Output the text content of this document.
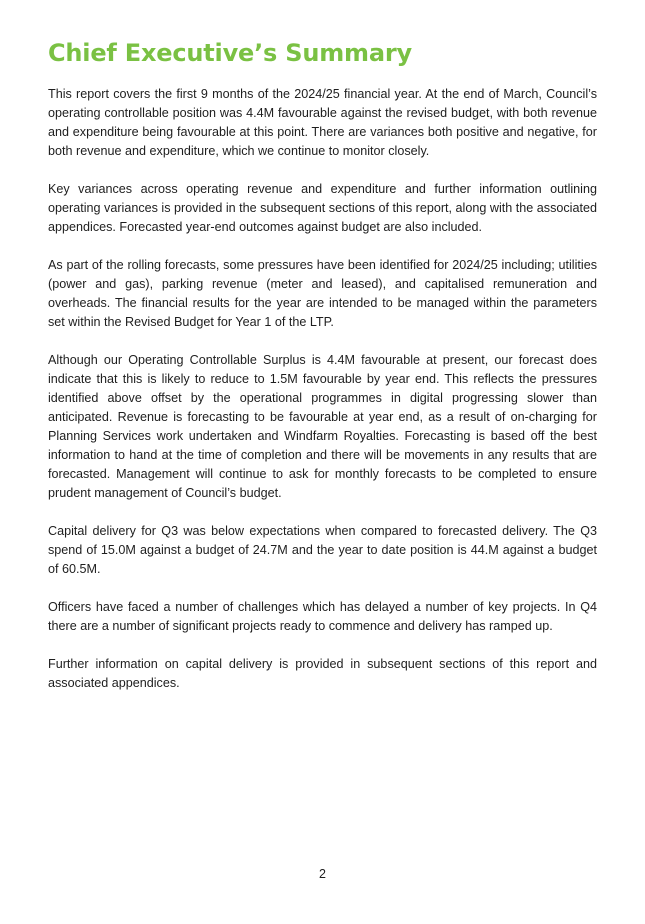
Chief Executive’s Summary

This report covers the first 9 months of the 2024/25 financial year. At the end of March, Council’s operating controllable position was 4.4M favourable against the revised budget, with both revenue and expenditure being favourable at this point. There are variances both positive and negative, for both revenue and expenditure, which we continue to monitor closely.

Key variances across operating revenue and expenditure and further information outlining operating variances is provided in the subsequent sections of this report, along with the associated appendices. Forecasted year-end outcomes against budget are also included.

As part of the rolling forecasts, some pressures have been identified for 2024/25 including; utilities (power and gas), parking revenue (meter and leased), and capitalised remuneration and overheads. The financial results for the year are intended to be managed within the parameters set within the Revised Budget for Year 1 of the LTP.

Although our Operating Controllable Surplus is 4.4M favourable at present, our forecast does indicate that this is likely to reduce to 1.5M favourable by year end. This reflects the pressures identified above offset by the operational programmes in digital progressing slower than anticipated. Revenue is forecasting to be favourable at year end, as a result of on-charging for Planning Services work undertaken and Windfarm Royalties. Forecasting is based off the best information to hand at the time of completion and there will be movements in any results that are forecasted. Management will continue to ask for monthly forecasts to be completed to ensure prudent management of Council’s budget.

Capital delivery for Q3 was below expectations when compared to forecasted delivery. The Q3 spend of 15.0M against a budget of 24.7M and the year to date position is 44.M against a budget of 60.5M.

Officers have faced a number of challenges which has delayed a number of key projects. In Q4 there are a number of significant projects ready to commence and delivery has ramped up.

Further information on capital delivery is provided in subsequent sections of this report and associated appendices.

2
